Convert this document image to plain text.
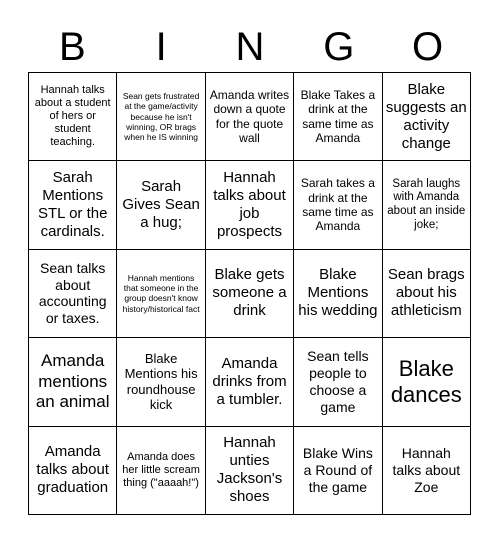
B	I	N	G	O
Hannah talks about a student of hers or student teaching.
Sean gets frustrated at the game/activity because he isn't winning, OR brags when he IS winning
Amanda writes down a quote for the quote wall
Blake Takes a drink at the same time as Amanda
Blake suggests an activity change
Sarah Mentions STL or the cardinals.
Sarah Gives Sean a hug;
Hannah talks about job prospects
Sarah takes a drink at the same time as Amanda
Sarah laughs with Amanda about an inside joke;
Sean talks about accounting or taxes.
Hannah mentions that someone in the group doesn't know history/historical fact
Blake gets someone a drink
Blake Mentions his wedding
Sean brags about his athleticism
Amanda mentions an animal
Blake Mentions his roundhouse kick
Amanda drinks from a tumbler.
Sean tells people to choose a game
Blake dances
Amanda talks about graduation
Amanda does her little scream thing ("aaaah!")
Hannah unties Jackson's shoes
Blake Wins a Round of the game
Hannah talks about Zoe
